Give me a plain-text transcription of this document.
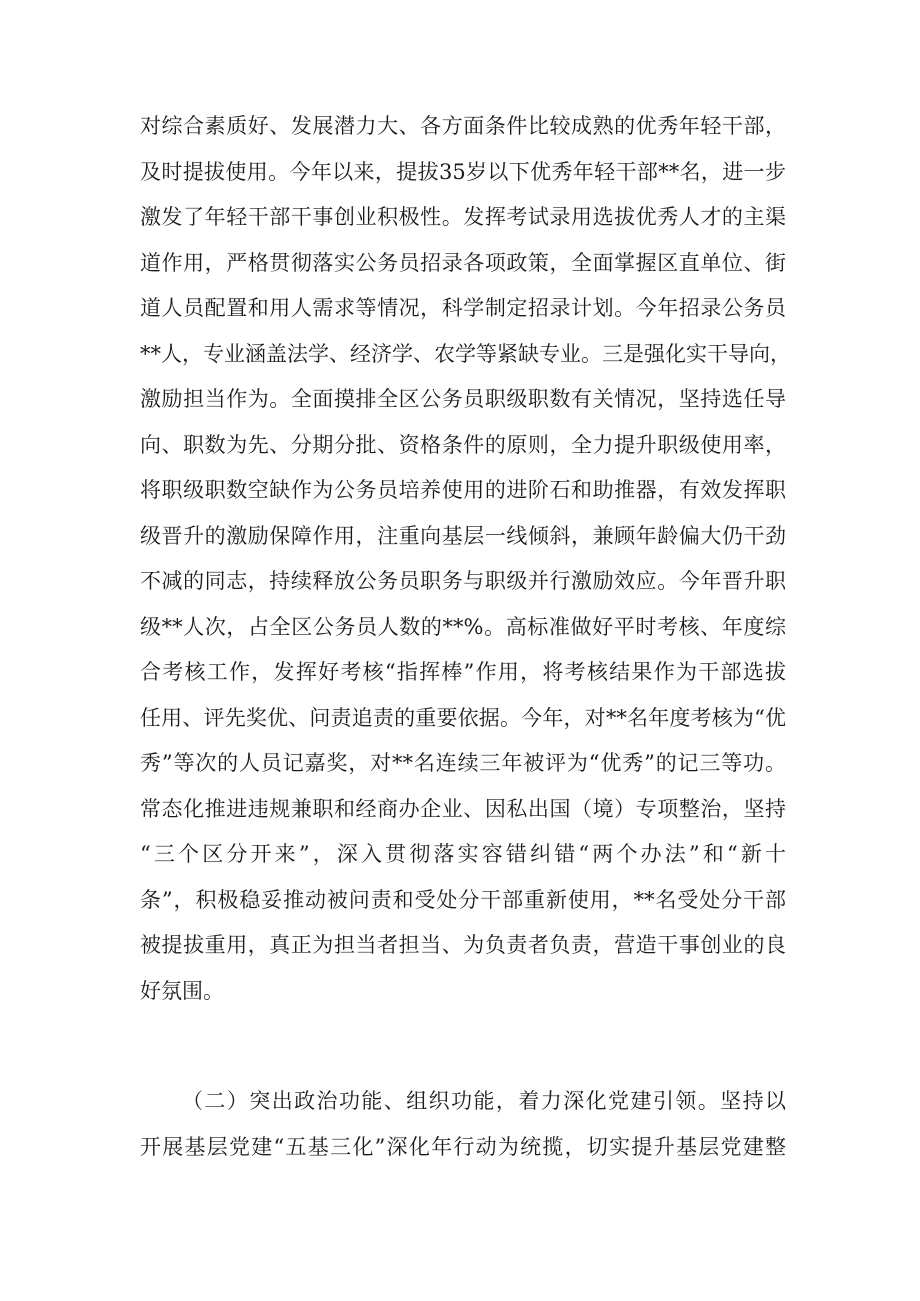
对综合素质好、发展潜力大、各方面条件比较成熟的优秀年轻干部，
及时提拔使用。今年以来，提拔35岁以下优秀年轻干部**名，进一步
激发了年轻干部干事创业积极性。发挥考试录用选拔优秀人才的主渠
道作用，严格贯彻落实公务员招录各项政策，全面掌握区直单位、街
道人员配置和用人需求等情况，科学制定招录计划。今年招录公务员
**人，专业涵盖法学、经济学、农学等紧缺专业。三是强化实干导向，
激励担当作为。全面摸排全区公务员职级职数有关情况，坚持选任导
向、职数为先、分期分批、资格条件的原则，全力提升职级使用率，
将职级职数空缺作为公务员培养使用的进阶石和助推器，有效发挥职
级晋升的激励保障作用，注重向基层一线倾斜，兼顾年龄偏大仍干劲
不减的同志，持续释放公务员职务与职级并行激励效应。今年晋升职
级**人次，占全区公务员人数的**%。高标准做好平时考核、年度综
合考核工作，发挥好考核“指挥棒”作用，将考核结果作为干部选拔
任用、评先奖优、问责追责的重要依据。今年，对**名年度考核为“优
秀”等次的人员记嘉奖，对**名连续三年被评为“优秀”的记三等功。
常态化推进违规兼职和经商办企业、因私出国（境）专项整治，坚持
“三个区分开来”，深入贯彻落实容错纠错“两个办法”和“新十
条”，积极稳妥推动被问责和受处分干部重新使用，**名受处分干部
被提拔重用，真正为担当者担当、为负责者负责，营造干事创业的良
好氛围。
（二）突出政治功能、组织功能，着力深化党建引领。坚持以
开展基层党建“五基三化”深化年行动为统揽，切实提升基层党建整
